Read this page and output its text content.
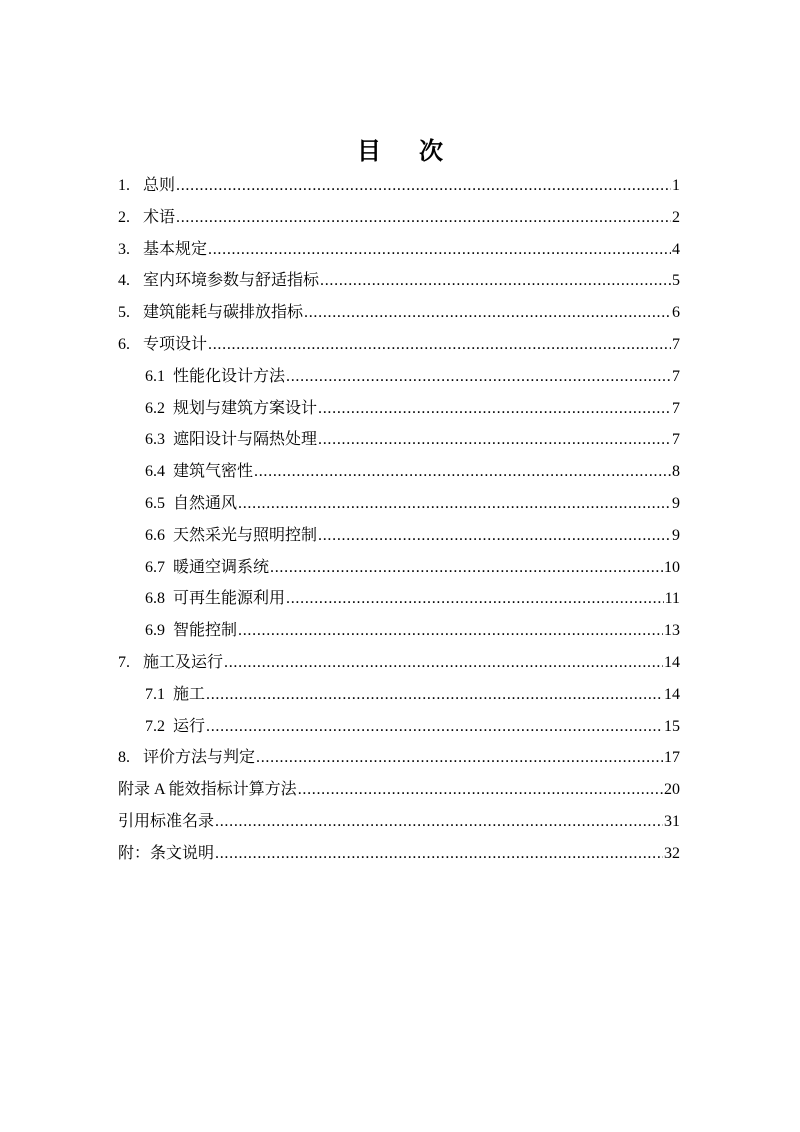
目　次
1. 总则 .....	1
2. 术语 .....	2
3. 基本规定 .....	4
4. 室内环境参数与舒适指标 .....	5
5. 建筑能耗与碳排放指标 .....	6
6. 专项设计 .....	7
6.1 性能化设计方法 .....	7
6.2 规划与建筑方案设计 .....	7
6.3 遮阳设计与隔热处理 .....	7
6.4 建筑气密性 .....	8
6.5 自然通风 .....	9
6.6 天然采光与照明控制 .....	9
6.7 暖通空调系统 .....	10
6.8 可再生能源利用 .....	11
6.9 智能控制 .....	13
7. 施工及运行 .....	14
7.1 施工 .....	14
7.2 运行 .....	15
8. 评价方法与判定 .....	17
附录 A 能效指标计算方法 .....	20
引用标准名录 .....	31
附：条文说明 .....	32
